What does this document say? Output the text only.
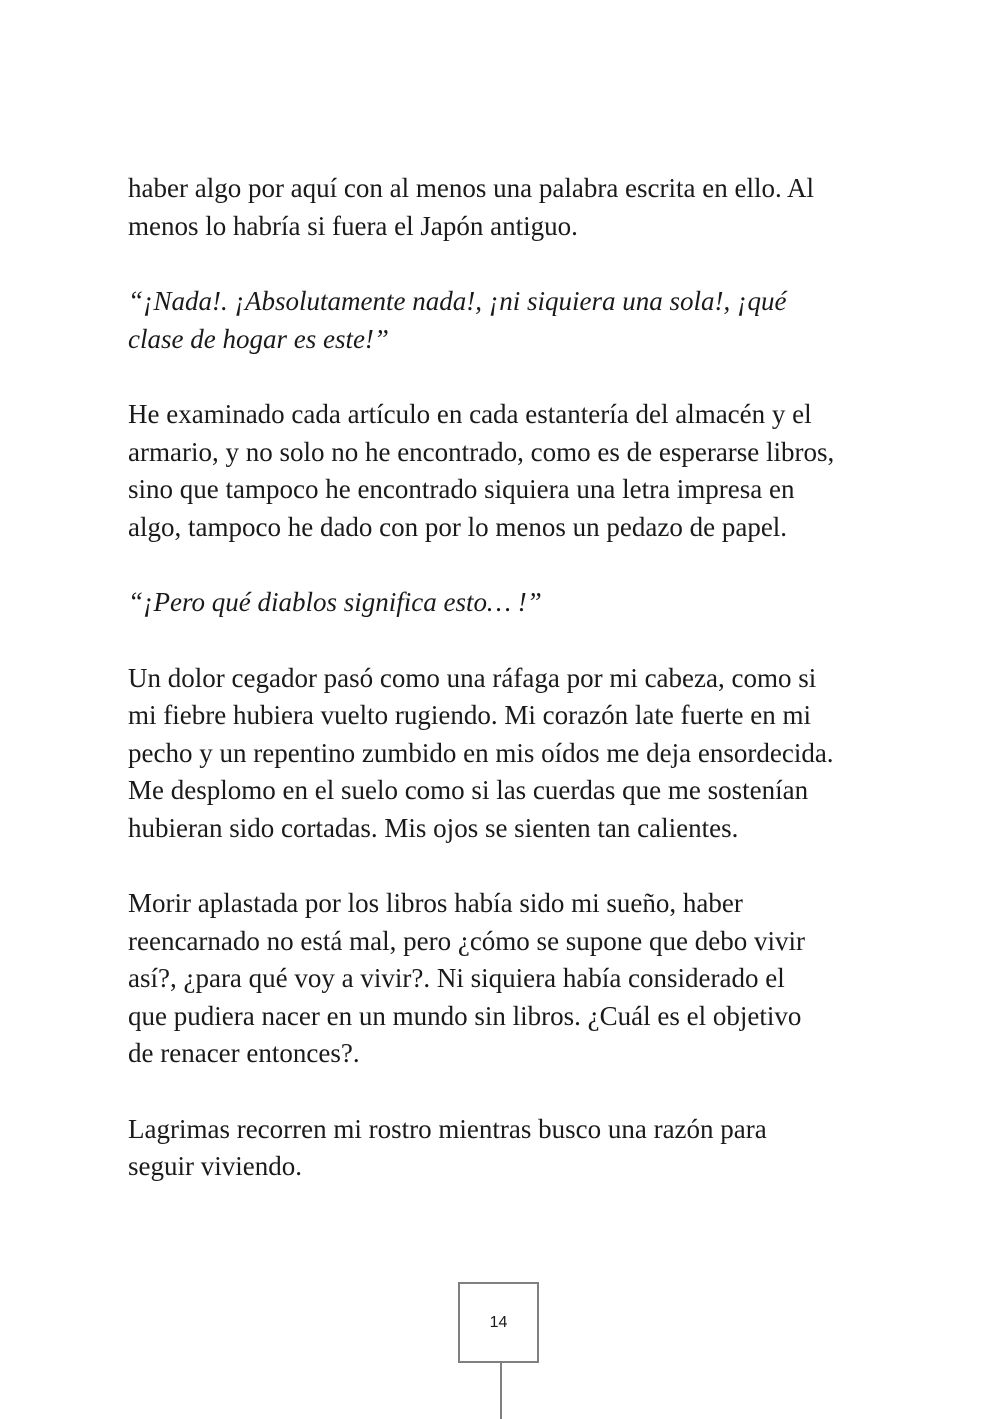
haber algo por aquí con al menos una palabra escrita en ello. Al
menos lo habría si fuera el Japón antiguo.

“¡Nada!. ¡Absolutamente nada!, ¡ni siquiera una sola!, ¡qué
clase de hogar es este!”

He examinado cada artículo en cada estantería del almacén y el
armario, y no solo no he encontrado, como es de esperarse libros,
sino que tampoco he encontrado siquiera una letra impresa en
algo, tampoco he dado con por lo menos un pedazo de papel.

“¡Pero qué diablos significa esto… !”

Un dolor cegador pasó como una ráfaga por mi cabeza, como si
mi fiebre hubiera vuelto rugiendo. Mi corazón late fuerte en mi
pecho y un repentino zumbido en mis oídos me deja ensordecida.
Me desplomo en el suelo como si las cuerdas que me sostenían
hubieran sido cortadas. Mis ojos se sienten tan calientes.

Morir aplastada por los libros había sido mi sueño, haber
reencarnado no está mal, pero ¿cómo se supone que debo vivir
así?, ¿para qué voy a vivir?. Ni siquiera había considerado el
que pudiera nacer en un mundo sin libros. ¿Cuál es el objetivo
de renacer entonces?.

Lagrimas recorren mi rostro mientras busco una razón para
seguir viviendo.

14
